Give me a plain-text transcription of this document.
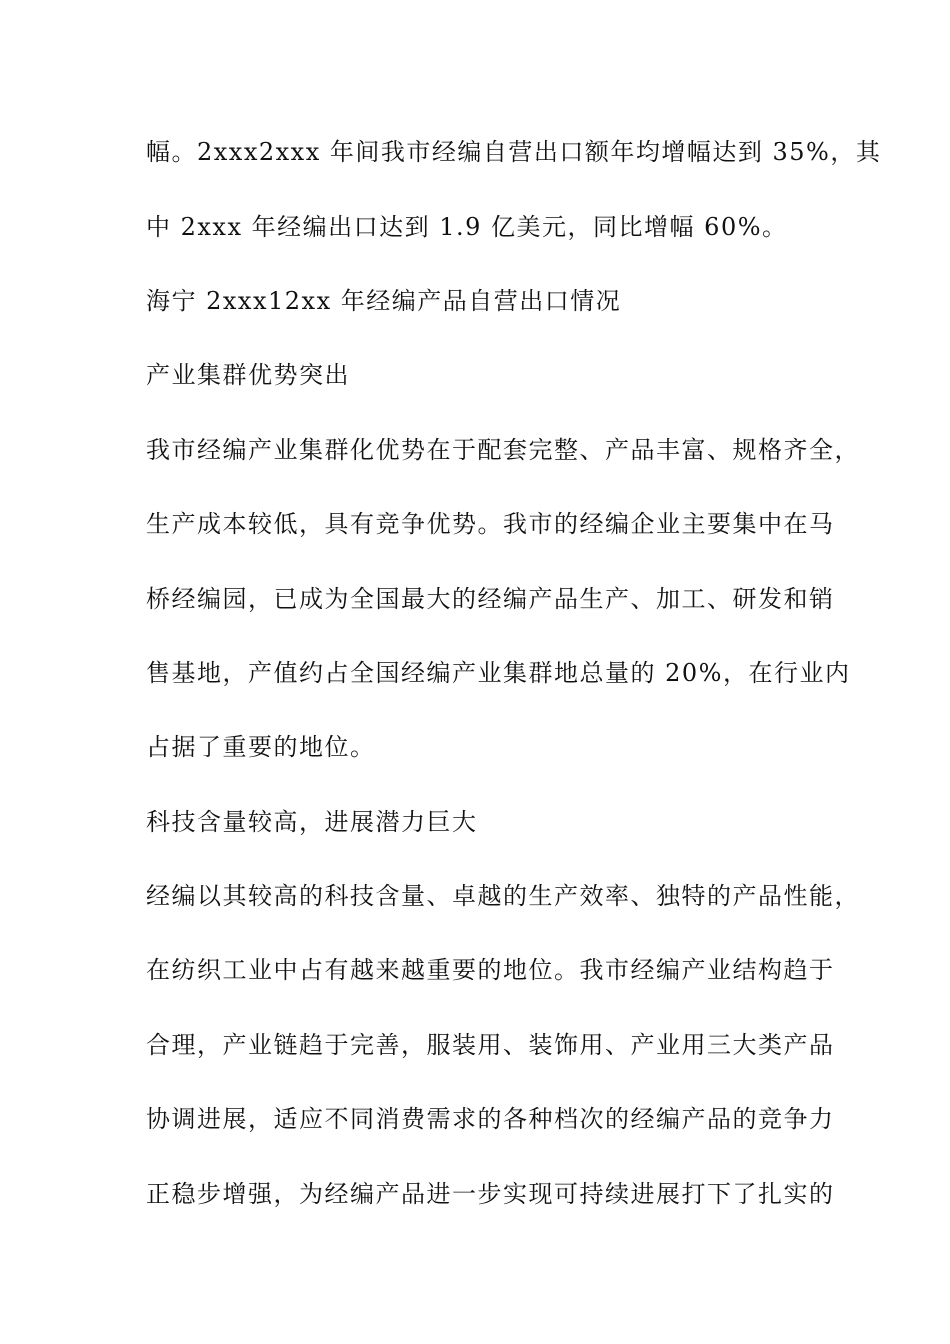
幅。2xxx2xxx 年间我市经编自营出口额年均增幅达到 35%，其
中 2xxx 年经编出口达到 1.9 亿美元，同比增幅 60%。
海宁 2xxx12xx 年经编产品自营出口情况
产业集群优势突出
我市经编产业集群化优势在于配套完整、产品丰富、规格齐全，
生产成本较低，具有竞争优势。我市的经编企业主要集中在马
桥经编园，已成为全国最大的经编产品生产、加工、研发和销
售基地，产值约占全国经编产业集群地总量的 20%，在行业内
占据了重要的地位。
科技含量较高，进展潜力巨大
经编以其较高的科技含量、卓越的生产效率、独特的产品性能，
在纺织工业中占有越来越重要的地位。我市经编产业结构趋于
合理，产业链趋于完善，服装用、装饰用、产业用三大类产品
协调进展，适应不同消费需求的各种档次的经编产品的竞争力
正稳步增强，为经编产品进一步实现可持续进展打下了扎实的
